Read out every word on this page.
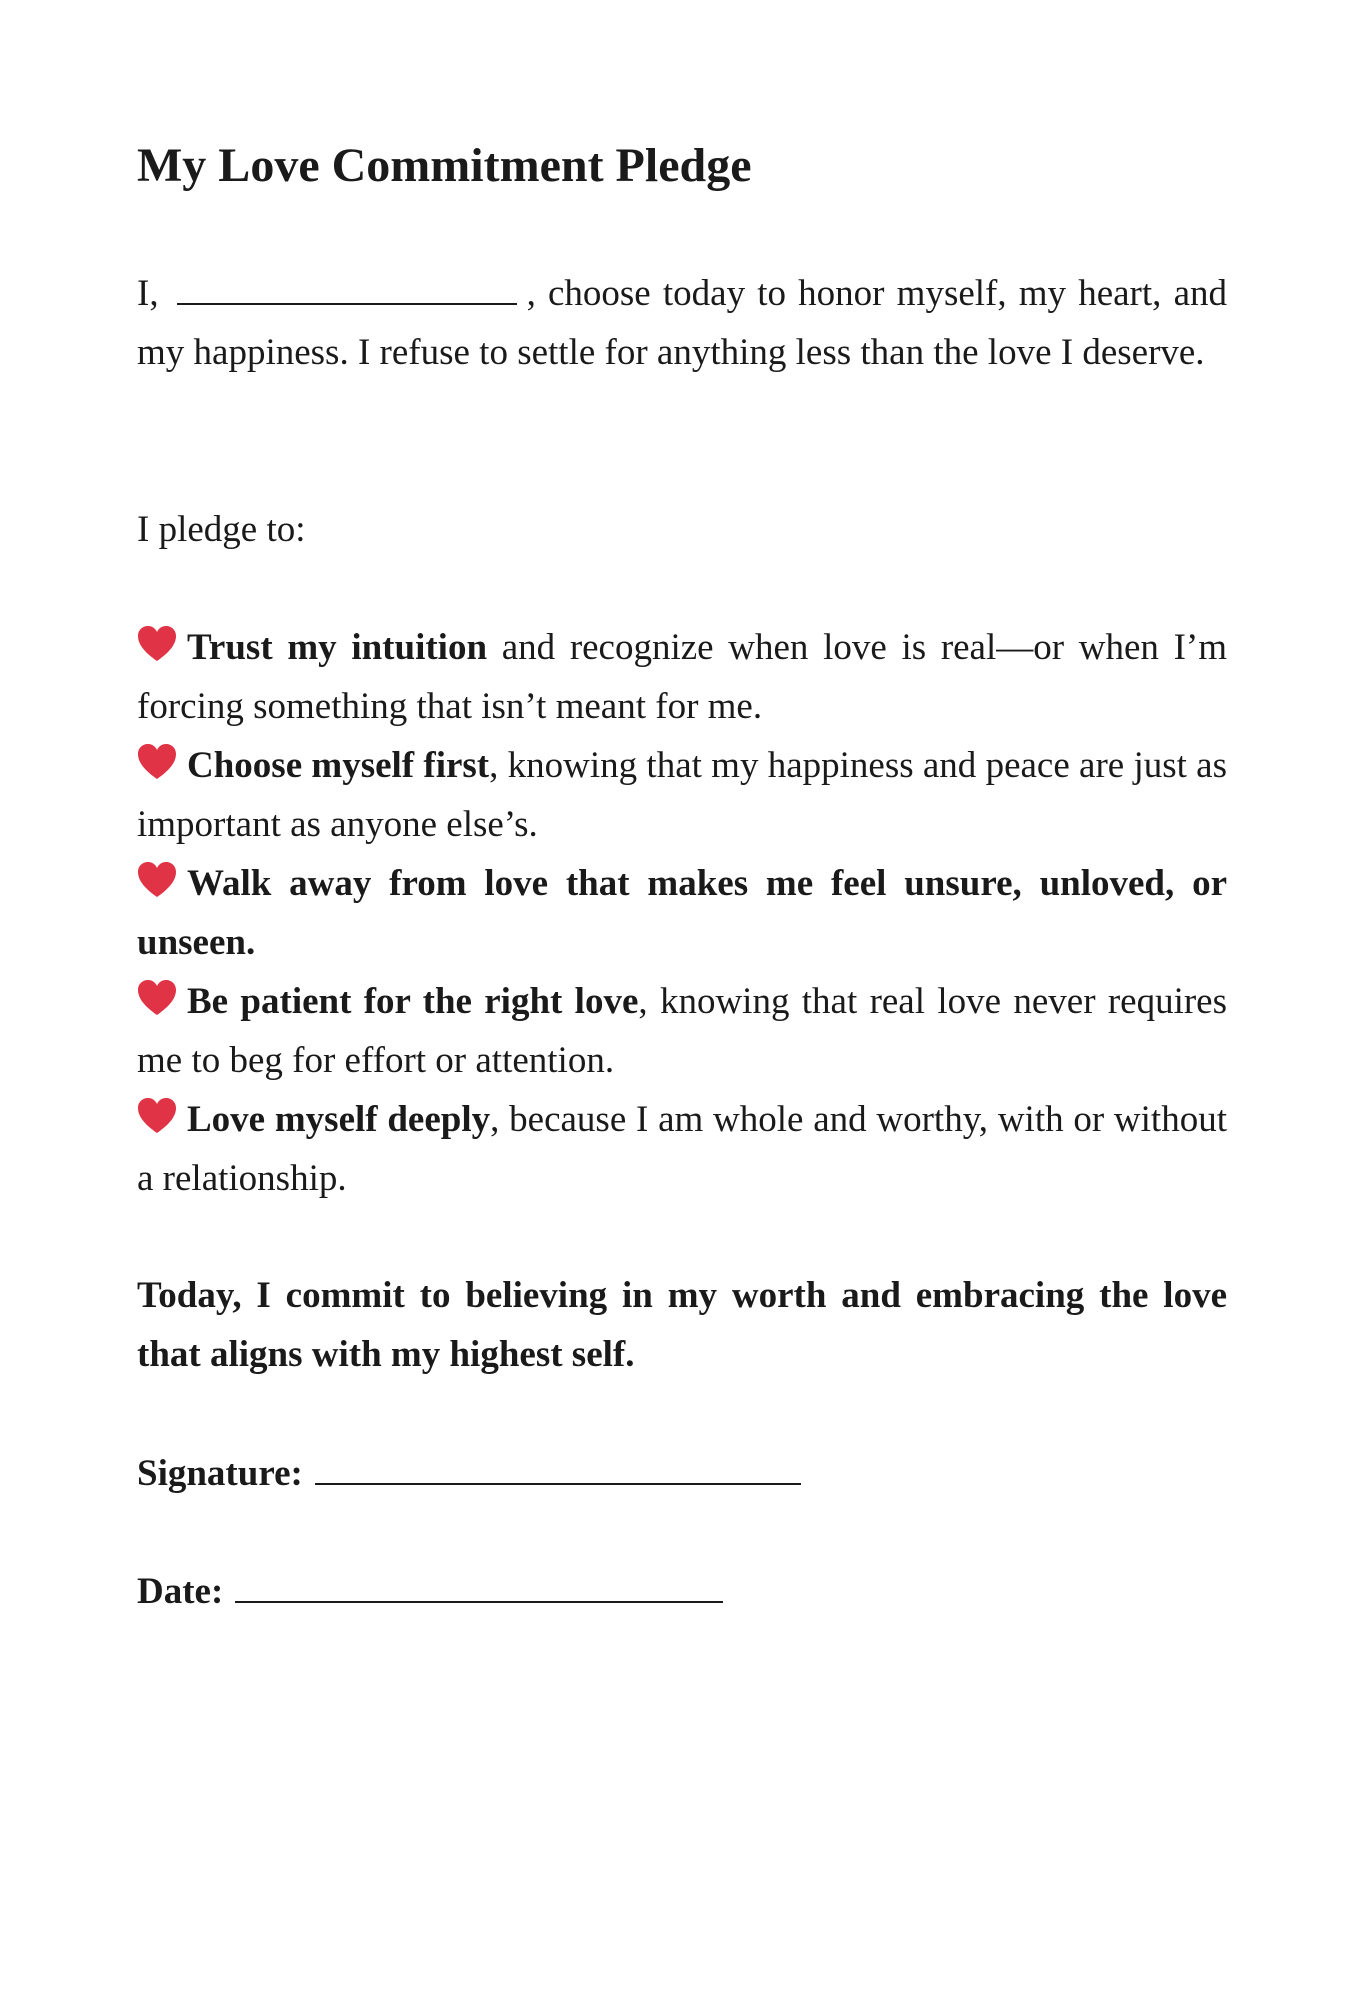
My Love Commitment Pledge

I,	, choose today to honor myself, my heart, and my happiness. I refuse to settle for anything less than the love I deserve.

I pledge to:

Trust my intuition and recognize when love is real—or when I’m forcing something that isn’t meant for me.

Choose myself first, knowing that my happiness and peace are just as important as anyone else’s.

Walk away from love that makes me feel unsure, unloved, or unseen.

Be patient for the right love, knowing that real love never requires me to beg for effort or attention.

Love myself deeply, because I am whole and worthy, with or without a relationship.

Today, I commit to believing in my worth and embracing the love that aligns with my highest self.

Signature:

Date:
